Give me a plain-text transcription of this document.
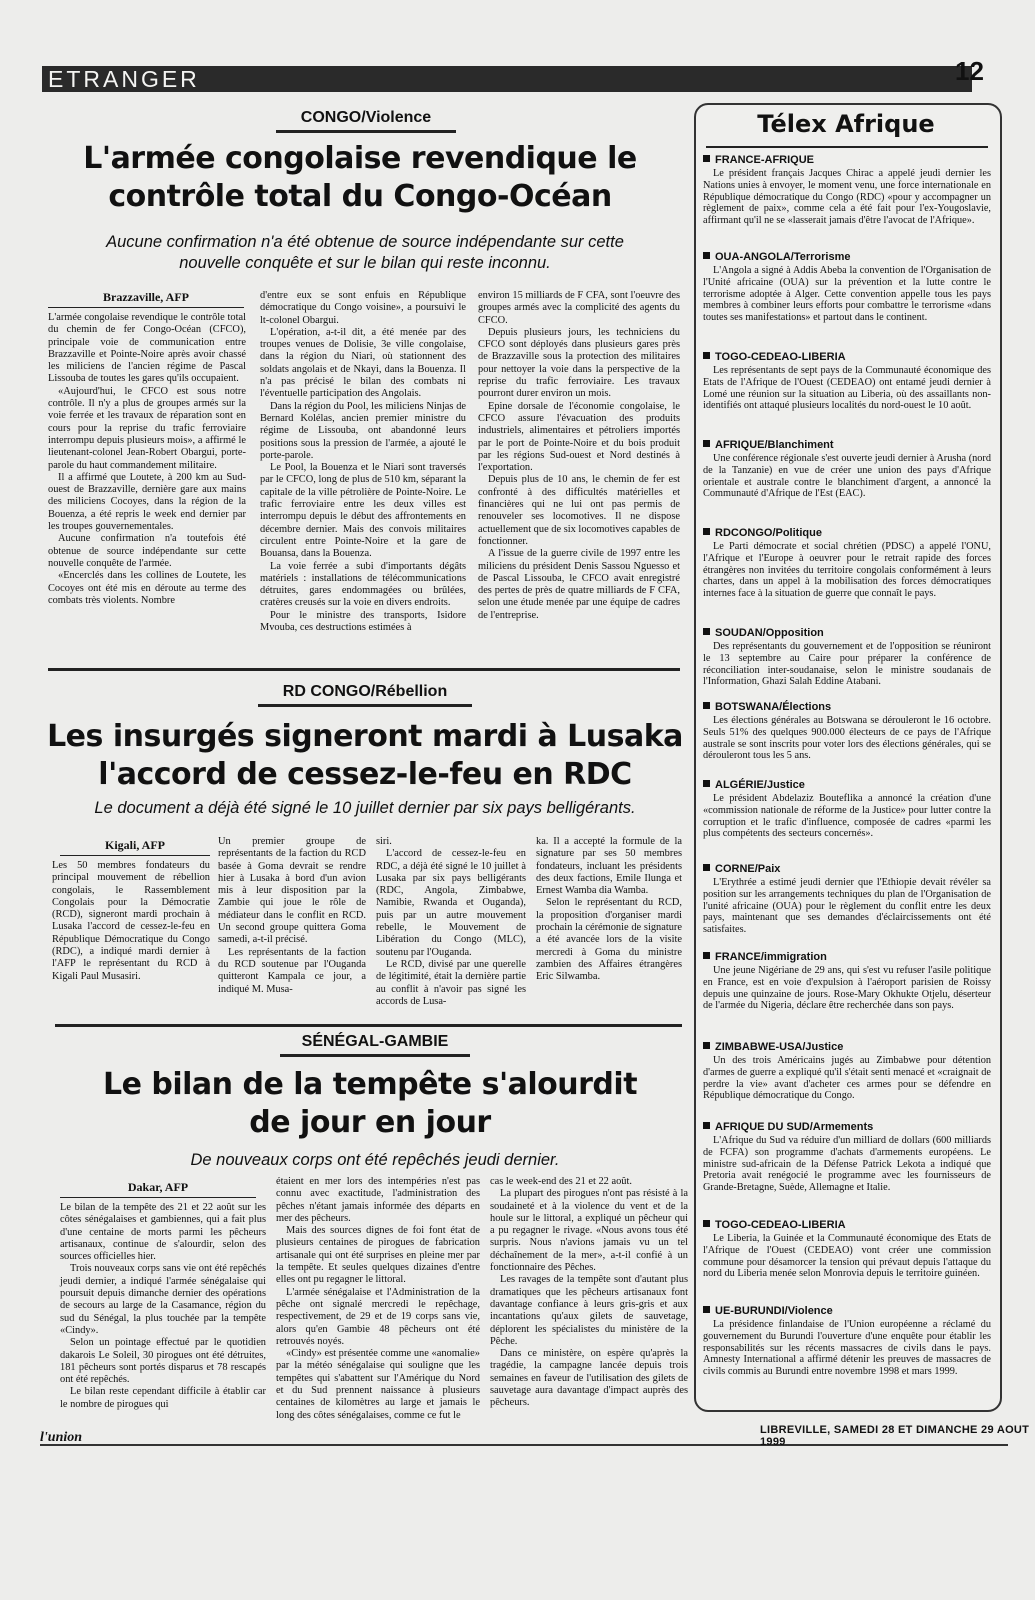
ETRANGER	12
CONGO/Violence
L'armée congolaise revendique le contrôle total du Congo-Océan
Aucune confirmation n'a été obtenue de source indépendante sur cette nouvelle conquête et sur le bilan qui reste inconnu.
Brazzaville, AFP

L'armée congolaise revendique le contrôle total du chemin de fer Congo-Océan (CFCO), principale voie de communication entre Brazzaville et Pointe-Noire après avoir chassé les miliciens de l'ancien régime de Pascal Lissouba de toutes les gares qu'ils occupaient.

«Aujourd'hui, le CFCO est sous notre contrôle. Il n'y a plus de groupes armés sur la voie ferrée et les travaux de réparation sont en cours pour la reprise du trafic ferroviaire interrompu depuis plusieurs mois», a affirmé le lieutenant-colonel Jean-Robert Obargui, porte-parole du haut commandement militaire.

Il a affirmé que Loutete, à 200 km au Sud-ouest de Brazzaville, dernière gare aux mains des miliciens Cocoyes, dans la région de la Bouenza, a été repris le week end dernier par les troupes gouvernementales.

Aucune confirmation n'a toutefois été obtenue de source indépendante sur cette nouvelle conquête de l'armée.

«Encerclés dans les collines de Loutete, les Cocoyes ont été mis en déroute au terme des combats très violents. Nombre

d'entre eux se sont enfuis en République démocratique du Congo voisine», a poursuivi le lt-colonel Obargui.

L'opération, a-t-il dit, a été menée par des troupes venues de Dolisie, 3e ville congolaise, dans la région du Niari, où stationnent des soldats angolais et de Nkayi, dans la Bouenza. Il n'a pas précisé le bilan des combats ni l'éventuelle participation des Angolais.

Dans la région du Pool, les miliciens Ninjas de Bernard Kolélas, ancien premier ministre du régime de Lissouba, ont abandonné leurs positions sous la pression de l'armée, a ajouté le porte-parole.

Le Pool, la Bouenza et le Niari sont traversés par le CFCO, long de plus de 510 km, séparant la capitale de la ville pétrolière de Pointe-Noire. Le trafic ferroviaire entre les deux villes est interrompu depuis le début des affrontements en décembre dernier. Mais des convois militaires circulent entre Pointe-Noire et la gare de Bouansa, dans la Bouenza.

La voie ferrée a subi d'importants dégâts matériels : installations de télécommunications détruites, gares endommagées ou brûlées, cratères creusés sur la voie en divers endroits.

Pour le ministre des transports, Isidore Mvouba, ces destructions estimées à

environ 15 milliards de F CFA, sont l'oeuvre des groupes armés avec la complicité des agents du CFCO.

Depuis plusieurs jours, les techniciens du CFCO sont déployés dans plusieurs gares près de Brazzaville sous la protection des militaires pour nettoyer la voie dans la perspective de la reprise du trafic ferroviaire. Les travaux pourront durer environ un mois.

Epine dorsale de l'économie congolaise, le CFCO assure l'évacuation des produits industriels, alimentaires et pétroliers importés par le port de Pointe-Noire et du bois produit par les régions Sud-ouest et Nord destinés à l'exportation.

Depuis plus de 10 ans, le chemin de fer est confronté à des difficultés matérielles et financières qui ne lui ont pas permis de renouveler ses locomotives. Il ne dispose actuellement que de six locomotives capables de fonctionner.

A l'issue de la guerre civile de 1997 entre les miliciens du président Denis Sassou Nguesso et de Pascal Lissouba, le CFCO avait enregistré des pertes de près de quatre milliards de F CFA, selon une étude menée par une équipe de cadres de l'entreprise.

RD CONGO/Rébellion
Les insurgés signeront mardi à Lusaka l'accord de cessez-le-feu en RDC
Le document a déjà été signé le 10 juillet dernier par six pays belligérants.
Kigali, AFP

Les 50 membres fondateurs du principal mouvement de rébellion congolais, le Rassemblement Congolais pour la Démocratie (RCD), signeront mardi prochain à Lusaka l'accord de cessez-le-feu en République Démocratique du Congo (RDC), a indiqué mardi dernier à l'AFP le représentant du RCD à Kigali Paul Musasiri.

Un premier groupe de représentants de la faction du RCD basée à Goma devrait se rendre hier à Lusaka à bord d'un avion mis à leur disposition par la Zambie qui joue le rôle de médiateur dans le conflit en RCD. Un second groupe quittera Goma samedi, a-t-il précisé.

Les représentants de la faction du RCD soutenue par l'Ouganda quitteront Kampala ce jour, a indiqué M. Musa-

siri.

L'accord de cessez-le-feu en RDC, a déjà été signé le 10 juillet à Lusaka par six pays belligérants (RDC, Angola, Zimbabwe, Namibie, Rwanda et Ouganda), puis par un autre mouvement rebelle, le Mouvement de Libération du Congo (MLC), soutenu par l'Ouganda.

Le RCD, divisé par une querelle de légitimité, était la dernière partie au conflit à n'avoir pas signé les accords de Lusa-

ka. Il a accepté la formule de la signature par ses 50 membres fondateurs, incluant les présidents des deux factions, Emile Ilunga et Ernest Wamba dia Wamba.

Selon le représentant du RCD, la proposition d'organiser mardi prochain la cérémonie de signature a été avancée lors de la visite mercredi à Goma du ministre zambien des Affaires étrangères Eric Silwamba.

SÉNÉGAL-GAMBIE
Le bilan de la tempête s'alourdit de jour en jour
De nouveaux corps ont été repêchés jeudi dernier.
Dakar, AFP

Le bilan de la tempête des 21 et 22 août sur les côtes sénégalaises et gambiennes, qui a fait plus d'une centaine de morts parmi les pêcheurs artisanaux, continue de s'alourdir, selon des sources officielles hier.

Trois nouveaux corps sans vie ont été repêchés jeudi dernier, a indiqué l'armée sénégalaise qui poursuit depuis dimanche dernier des opérations de secours au large de la Casamance, région du sud du Sénégal, la plus touchée par la tempête «Cindy».

Selon un pointage effectué par le quotidien dakarois Le Soleil, 30 pirogues ont été détruites, 181 pêcheurs sont portés disparus et 78 rescapés ont été repêchés.

Le bilan reste cependant difficile à établir car le nombre de pirogues qui

étaient en mer lors des intempéries n'est pas connu avec exactitude, l'administration des pêches n'étant jamais informée des départs en mer des pêcheurs.

Mais des sources dignes de foi font état de plusieurs centaines de pirogues de fabrication artisanale qui ont été surprises en pleine mer par la tempête. Et seules quelques dizaines d'entre elles ont pu regagner le littoral.

L'armée sénégalaise et l'Administration de la pêche ont signalé mercredi le repêchage, respectivement, de 29 et de 19 corps sans vie, alors qu'en Gambie 48 pêcheurs ont été retrouvés noyés.

«Cindy» est présentée comme une «anomalie» par la météo sénégalaise qui souligne que les tempêtes qui s'abattent sur l'Amérique du Nord et du Sud prennent naissance à plusieurs centaines de kilomètres au large et jamais le long des côtes sénégalaises, comme ce fut le

cas le week-end des 21 et 22 août.

La plupart des pirogues n'ont pas résisté à la soudaineté et à la violence du vent et de la houle sur le littoral, a expliqué un pêcheur qui a pu regagner le rivage. «Nous avons tous été surpris. Nous n'avions jamais vu un tel déchaînement de la mer», a-t-il confié à un fonctionnaire des Pêches.

Les ravages de la tempête sont d'autant plus dramatiques que les pêcheurs artisanaux font davantage confiance à leurs gris-gris et aux incantations qu'aux gilets de sauvetage, déplorent les spécialistes du ministère de la Pêche.

Dans ce ministère, on espère qu'après la tragédie, la campagne lancée depuis trois semaines en faveur de l'utilisation des gilets de sauvetage aura davantage d'impact auprès des pêcheurs.

Télex Afrique
FRANCE-AFRIQUE
Le président français Jacques Chirac a appelé jeudi dernier les Nations unies à envoyer, le moment venu, une force internationale en République démocratique du Congo (RDC) «pour y accompagner un règlement de paix», comme cela a été fait pour l'ex-Yougoslavie, affirmant qu'il ne se «lasserait jamais d'être l'avocat de l'Afrique».
OUA-ANGOLA/Terrorisme
L'Angola a signé à Addis Abeba la convention de l'Organisation de l'Unité africaine (OUA) sur la prévention et la lutte contre le terrorisme adoptée à Alger. Cette convention appelle tous les pays membres à combiner leurs efforts pour combattre le terrorisme «dans toutes ses manifestations» et partout dans le continent.
TOGO-CEDEAO-LIBERIA
Les représentants de sept pays de la Communauté économique des Etats de l'Afrique de l'Ouest (CEDEAO) ont entamé jeudi dernier à Lomé une réunion sur la situation au Liberia, où des assaillants non-identifiés ont attaqué plusieurs localités du nord-ouest le 10 août.
AFRIQUE/Blanchiment
Une conférence régionale s'est ouverte jeudi dernier à Arusha (nord de la Tanzanie) en vue de créer une union des pays d'Afrique orientale et australe contre le blanchiment d'argent, a annoncé la Communauté d'Afrique de l'Est (EAC).
RDCONGO/Politique
Le Parti démocrate et social chrétien (PDSC) a appelé l'ONU, l'Afrique et l'Europe à oeuvrer pour le retrait rapide des forces étrangères non invitées du territoire congolais conformément à leurs chartes, dans un appel à la mobilisation des forces démocratiques internes face à la situation de guerre que connaît le pays.
SOUDAN/Opposition
Des représentants du gouvernement et de l'opposition se réuniront le 13 septembre au Caire pour préparer la conférence de réconciliation inter-soudanaise, selon le ministre soudanais de l'Information, Ghazi Salah Eddine Atabani.
BOTSWANA/Élections
Les élections générales au Botswana se dérouleront le 16 octobre. Seuls 51% des quelques 900.000 électeurs de ce pays de l'Afrique australe se sont inscrits pour voter lors des élections générales, qui se dérouleront tous les 5 ans.
ALGÉRIE/Justice
Le président Abdelaziz Bouteflika a annoncé la création d'une «commission nationale de réforme de la Justice» pour lutter contre la corruption et le trafic d'influence, composée de cadres «parmi les plus compétents des secteurs concernés».
CORNE/Paix
L'Erythrée a estimé jeudi dernier que l'Ethiopie devait révéler sa position sur les arrangements techniques du plan de l'Organisation de l'unité africaine (OUA) pour le règlement du conflit entre les deux pays, maintenant que ses demandes d'éclaircissements ont été satisfaites.
FRANCE/immigration
Une jeune Nigériane de 29 ans, qui s'est vu refuser l'asile politique en France, est en voie d'expulsion à l'aéroport parisien de Roissy depuis une quinzaine de jours. Rose-Mary Okhukte Otjelu, déserteur de l'armée du Nigeria, déclare être recherchée dans son pays.
ZIMBABWE-USA/Justice
Un des trois Américains jugés au Zimbabwe pour détention d'armes de guerre a expliqué qu'il s'était senti menacé et «craignait de perdre la vie» avant d'acheter ces armes pour se défendre en République démocratique du Congo.
AFRIQUE DU SUD/Armements
L'Afrique du Sud va réduire d'un milliard de dollars (600 milliards de FCFA) son programme d'achats d'armements européens. Le ministre sud-africain de la Défense Patrick Lekota a indiqué que Pretoria avait renégocié le programme avec les fournisseurs de Grande-Bretagne, Suède, Allemagne et Italie.
TOGO-CEDEAO-LIBERIA
Le Liberia, la Guinée et la Communauté économique des Etats de l'Afrique de l'Ouest (CEDEAO) vont créer une commission commune pour désamorcer la tension qui prévaut depuis l'attaque du nord du Liberia menée selon Monrovia depuis le territoire guinéen.
UE-BURUNDI/Violence
La présidence finlandaise de l'Union européenne a réclamé du gouvernement du Burundi l'ouverture d'une enquête pour établir les responsabilités sur les récents massacres de civils dans le pays. Amnesty International a affirmé détenir les preuves de massacres de civils commis au Burundi entre novembre 1998 et mars 1999.
l'union	LIBREVILLE, SAMEDI 28 ET DIMANCHE 29 AOUT 1999
